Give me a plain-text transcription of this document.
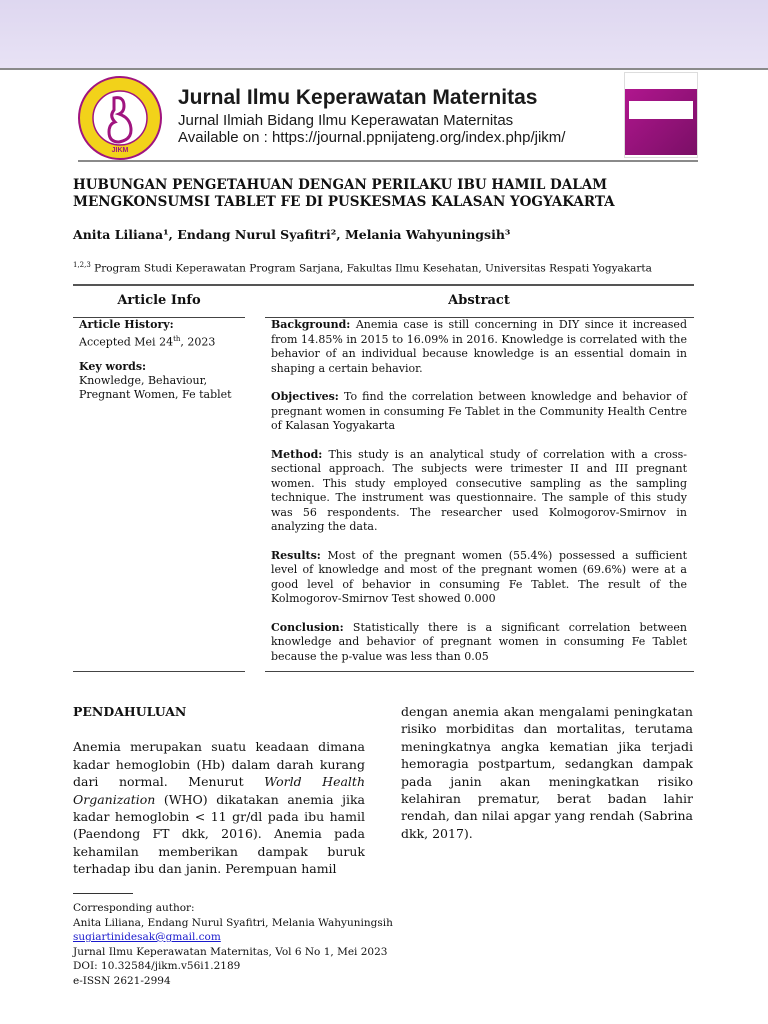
JIKM
Jurnal Ilmu Keperawatan Maternitas
Jurnal Ilmiah Bidang Ilmu Keperawatan Maternitas
Available on : https://journal.ppnijateng.org/index.php/jikm/
HUBUNGAN PENGETAHUAN DENGAN PERILAKU IBU HAMIL DALAM
MENGKONSUMSI TABLET FE DI PUSKESMAS KALASAN YOGYAKARTA
Anita Liliana¹, Endang Nurul Syafitri², Melania Wahyuningsih³
$^{1,2,3}$ Program Studi Keperawatan Program Sarjana, Fakultas Ilmu Kesehatan, Universitas Respati Yogyakarta
Article Info	Abstract
Article History:
Accepted Mei 24th, 2023
Key words:
Knowledge, Behaviour, Pregnant Women, Fe tablet

Background: Anemia case is still concerning in DIY since it increased from 14.85% in 2015 to 16.09% in 2016. Knowledge is correlated with the behavior of an individual because knowledge is an essential domain in shaping a certain behavior.

Objectives: To find the correlation between knowledge and behavior of pregnant women in consuming Fe Tablet in the Community Health Centre of Kalasan Yogyakarta

Method: This study is an analytical study of correlation with a cross-sectional approach. The subjects were trimester II and III pregnant women. This study employed consecutive sampling as the sampling technique. The instrument was questionnaire. The sample of this study was 56 respondents. The researcher used Kolmogorov-Smirnov in analyzing the data.

Results: Most of the pregnant women (55.4%) possessed a sufficient level of knowledge and most of the pregnant women (69.6%) were at a good level of behavior in consuming Fe Tablet. The result of the Kolmogorov-Smirnov Test showed 0.000

Conclusion: Statistically there is a significant correlation between knowledge and behavior of pregnant women in consuming Fe Tablet because the p-value was less than 0.05

PENDAHULUAN

Anemia merupakan suatu keadaan dimana kadar hemoglobin (Hb) dalam darah kurang dari normal. Menurut World Health Organization (WHO) dikatakan anemia jika kadar hemoglobin < 11 gr/dl pada ibu hamil (Paendong FT dkk, 2016). Anemia pada kehamilan memberikan dampak buruk terhadap ibu dan janin. Perempuan hamil

dengan anemia akan mengalami peningkatan risiko morbiditas dan mortalitas, terutama meningkatnya angka kematian jika terjadi hemoragia postpartum, sedangkan dampak pada janin akan meningkatkan risiko kelahiran prematur, berat badan lahir rendah, dan nilai apgar yang rendah (Sabrina dkk, 2017).

Corresponding author:
Anita Liliana, Endang Nurul Syafitri, Melania Wahyuningsih
sugiartinidesak@gmail.com
Jurnal Ilmu Keperawatan Maternitas, Vol 6 No 1, Mei 2023
DOI: 10.32584/jikm.v56i1.2189
e-ISSN 2621-2994
